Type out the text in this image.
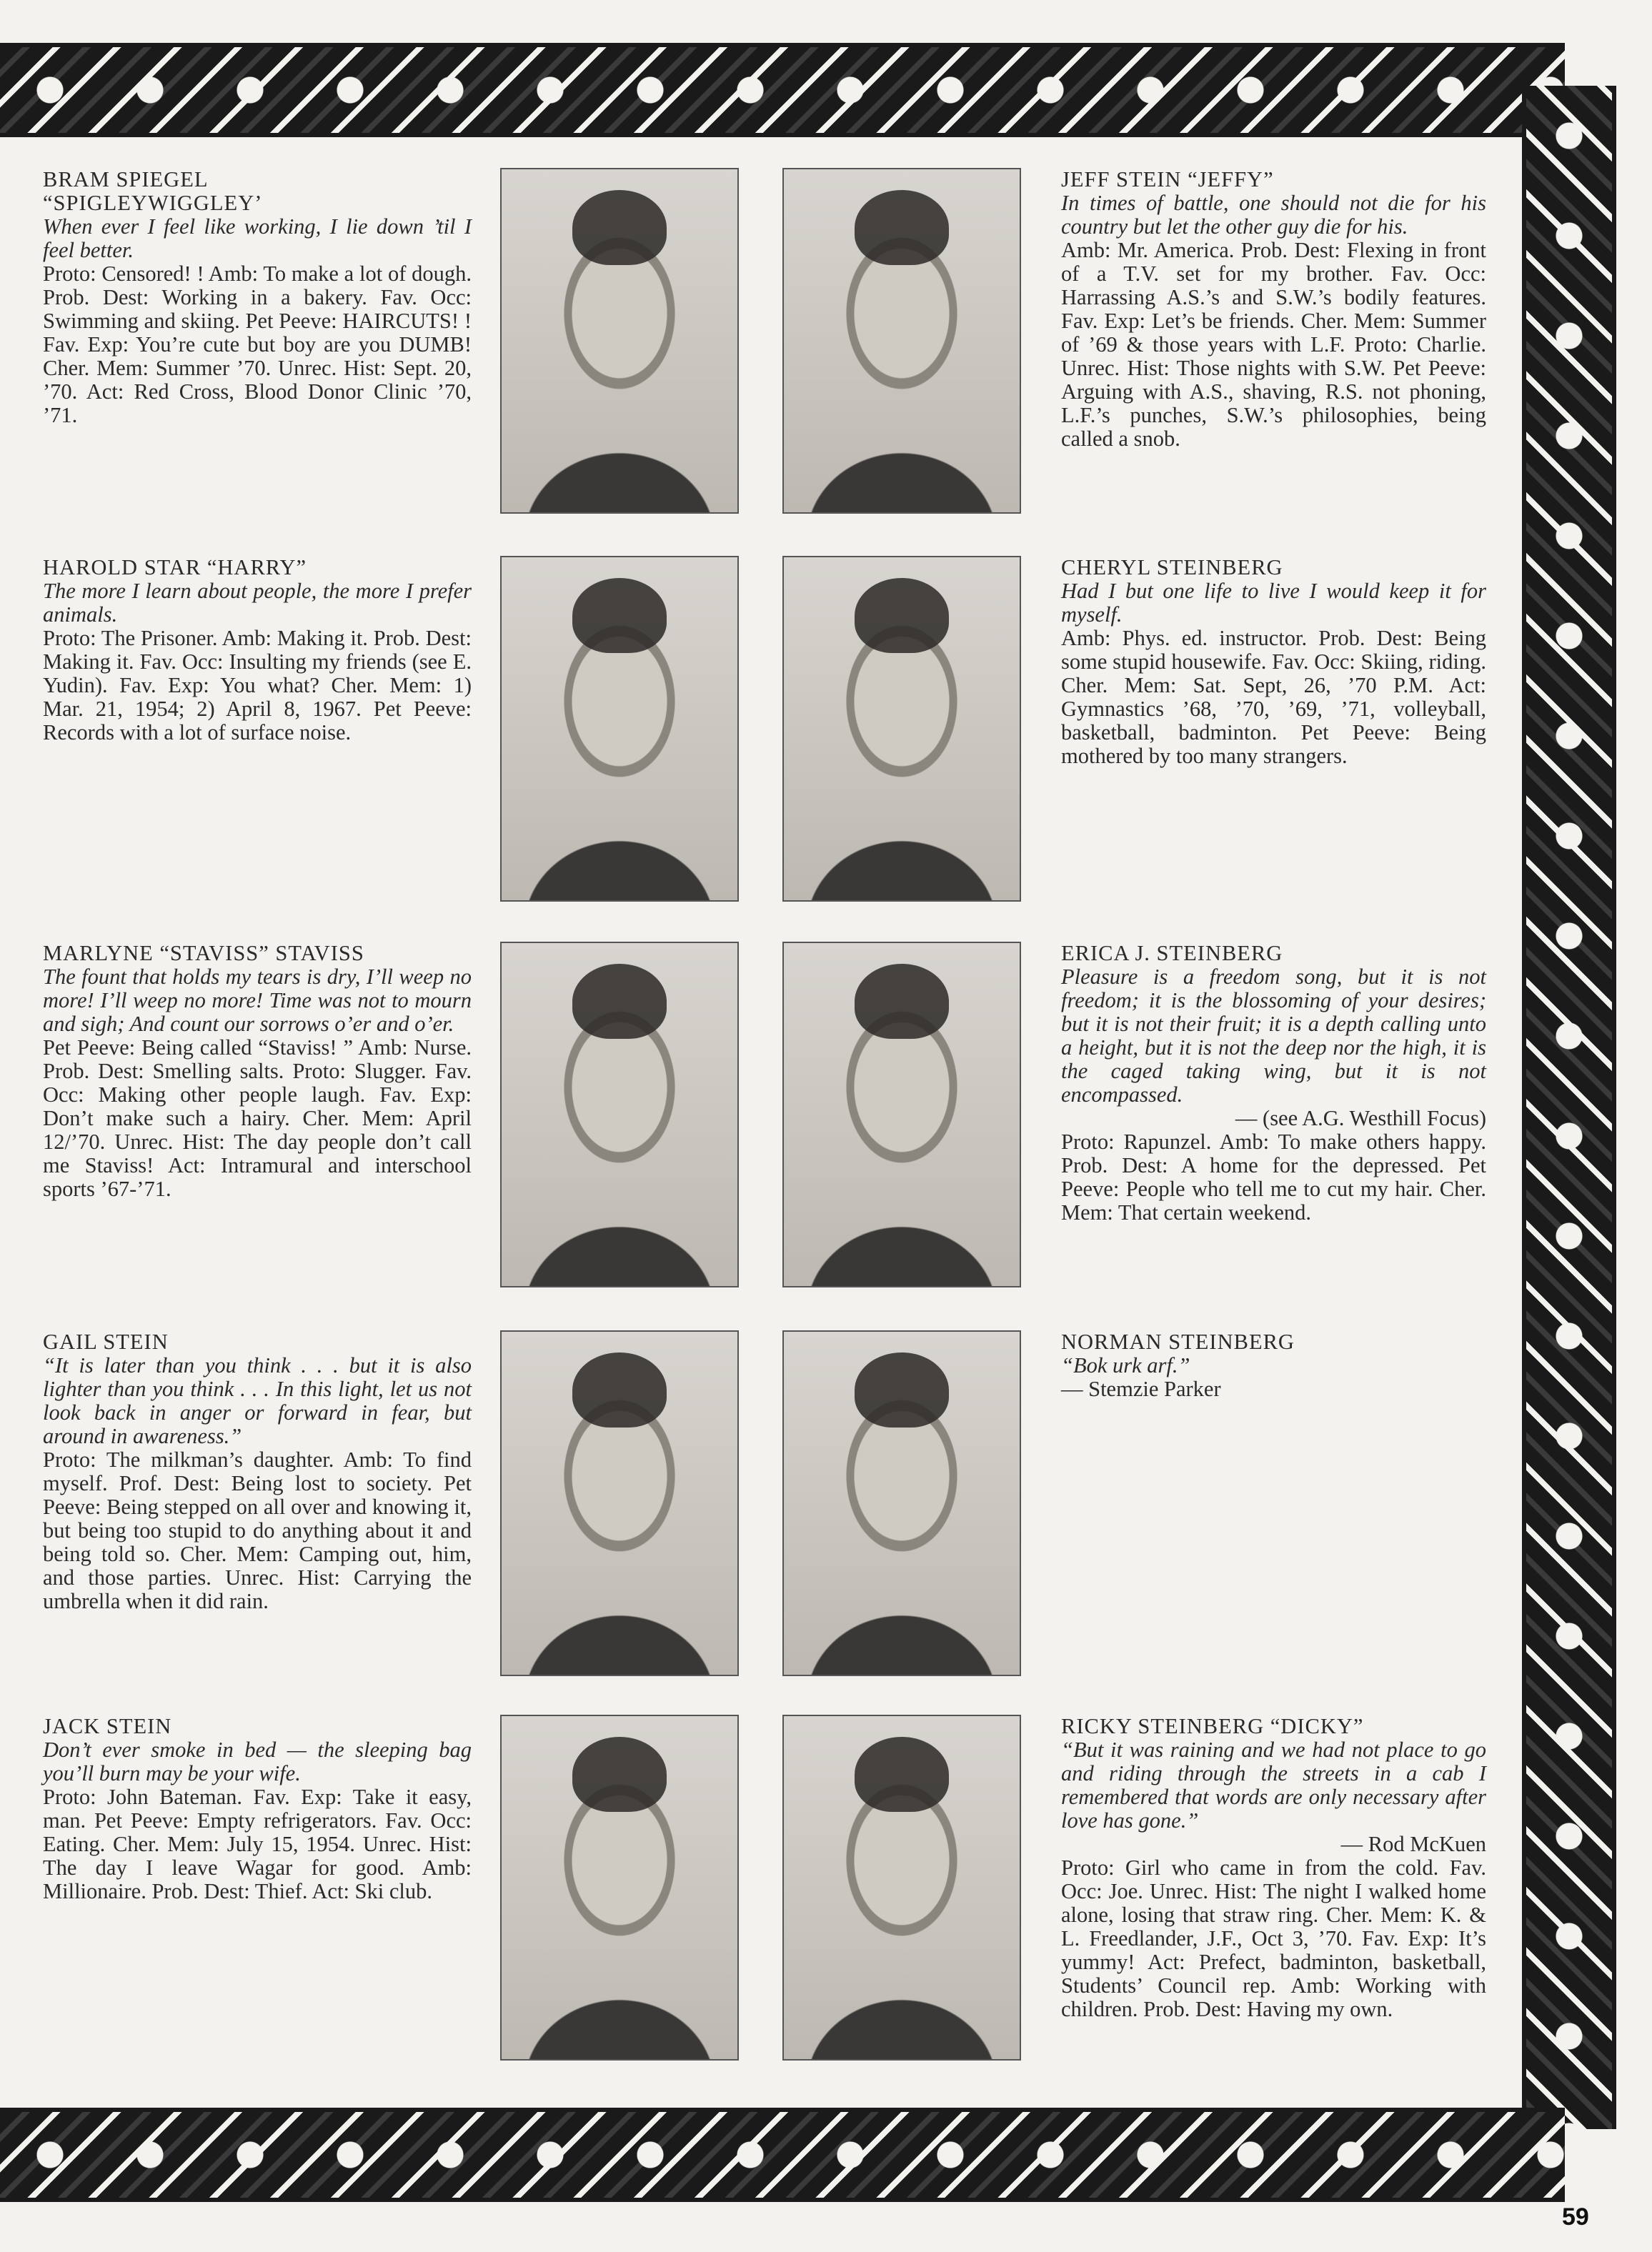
BRAM SPIEGEL

“SPIGLEYWIGGLEY’

When ever I feel like working, I lie down ’til I feel better.

Proto: Censored! ! Amb: To make a lot of dough. Prob. Dest: Working in a bakery. Fav. Occ: Swimming and skiing. Pet Peeve: HAIRCUTS! ! Fav. Exp: You’re cute but boy are you DUMB! Cher. Mem: Summer ’70. Unrec. Hist: Sept. 20, ’70. Act: Red Cross, Blood Donor Clinic ’70, ’71.

JEFF STEIN “JEFFY”

In times of battle, one should not die for his country but let the other guy die for his.

Amb: Mr. America. Prob. Dest: Flexing in front of a T.V. set for my brother. Fav. Occ: Harrassing A.S.’s and S.W.’s bodily features. Fav. Exp: Let’s be friends. Cher. Mem: Summer of ’69 & those years with L.F. Proto: Charlie. Unrec. Hist: Those nights with S.W. Pet Peeve: Arguing with A.S., shaving, R.S. not phoning, L.F.’s punches, S.W.’s philosophies, being called a snob.

HAROLD STAR “HARRY”

The more I learn about people, the more I prefer animals.

Proto: The Prisoner. Amb: Making it. Prob. Dest: Making it. Fav. Occ: Insulting my friends (see E. Yudin). Fav. Exp: You what? Cher. Mem: 1) Mar. 21, 1954; 2) April 8, 1967. Pet Peeve: Records with a lot of surface noise.

CHERYL STEINBERG

Had I but one life to live I would keep it for myself.

Amb: Phys. ed. instructor. Prob. Dest: Being some stupid housewife. Fav. Occ: Skiing, riding. Cher. Mem: Sat. Sept, 26, ’70 P.M. Act: Gymnastics ’68, ’70, ’69, ’71, volleyball, basketball, badminton. Pet Peeve: Being mothered by too many strangers.

MARLYNE “STAVISS” STAVISS

The fount that holds my tears is dry, I’ll weep no more! I’ll weep no more! Time was not to mourn and sigh; And count our sorrows o’er and o’er.

Pet Peeve: Being called “Staviss! ” Amb: Nurse. Prob. Dest: Smelling salts. Proto: Slugger. Fav. Occ: Making other people laugh. Fav. Exp: Don’t make such a hairy. Cher. Mem: April 12/’70. Unrec. Hist: The day people don’t call me Staviss! Act: Intramural and interschool sports ’67-’71.

ERICA J. STEINBERG

Pleasure is a freedom song, but it is not freedom; it is the blossoming of your desires; but it is not their fruit; it is a depth calling unto a height, but it is not the deep nor the high, it is the caged taking wing, but it is not encompassed.

— (see A.G. Westhill Focus)

Proto: Rapunzel. Amb: To make others happy. Prob. Dest: A home for the depressed. Pet Peeve: People who tell me to cut my hair. Cher. Mem: That certain weekend.

GAIL STEIN

“It is later than you think . . . but it is also lighter than you think . . . In this light, let us not look back in anger or forward in fear, but around in awareness.”

Proto: The milkman’s daughter. Amb: To find myself. Prof. Dest: Being lost to society. Pet Peeve: Being stepped on all over and knowing it, but being too stupid to do anything about it and being told so. Cher. Mem: Camping out, him, and those parties. Unrec. Hist: Carrying the umbrella when it did rain.

NORMAN STEINBERG

“Bok urk arf.”

— Stemzie Parker

JACK STEIN

Don’t ever smoke in bed — the sleeping bag you’ll burn may be your wife.

Proto: John Bateman. Fav. Exp: Take it easy, man. Pet Peeve: Empty refrigerators. Fav. Occ: Eating. Cher. Mem: July 15, 1954. Unrec. Hist: The day I leave Wagar for good. Amb: Millionaire. Prob. Dest: Thief. Act: Ski club.

RICKY STEINBERG “DICKY”

“But it was raining and we had not place to go and riding through the streets in a cab I remembered that words are only necessary after love has gone.”

— Rod McKuen

Proto: Girl who came in from the cold. Fav. Occ: Joe. Unrec. Hist: The night I walked home alone, losing that straw ring. Cher. Mem: K. & L. Freedlander, J.F., Oct 3, ’70. Fav. Exp: It’s yummy! Act: Prefect, badminton, basketball, Students’ Council rep. Amb: Working with children. Prob. Dest: Having my own.

59
